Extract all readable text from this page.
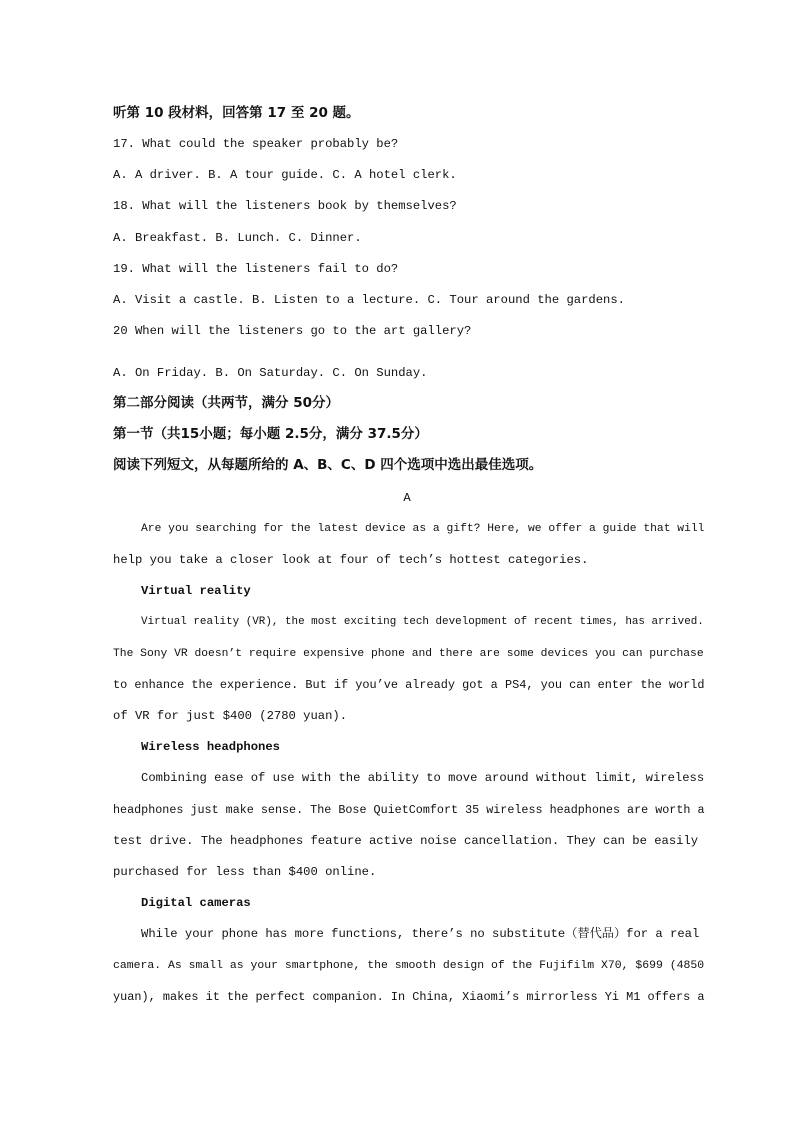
听第 10 段材料，回答第 17 至 20 题。
17. What could the speaker probably be?
A. A driver. B. A tour guide. C. A hotel clerk.
18. What will the listeners book by themselves?
A. Breakfast. B. Lunch. C. Dinner.
19. What will the listeners fail to do?
A. Visit a castle. B. Listen to a lecture. C. Tour around the gardens.
20 When will the listeners go to the art gallery?
A. On Friday. B. On Saturday. C. On Sunday.
第二部分阅读（共两节，满分 50分）
第一节（共15小题；每小题 2.5分，满分 37.5分）
阅读下列短文，从每题所给的 A、B、C、D 四个选项中选出最佳选项。
A
Are you searching for the latest device as a gift? Here, we offer a guide that will
help you take a closer look at four of tech’s hottest categories.
Virtual reality
Virtual reality (VR), the most exciting tech development of recent times, has arrived.
The Sony VR doesn’t require expensive phone and there are some devices you can purchase
to enhance the experience. But if you’ve already got a PS4, you can enter the world
of VR for just $400 (2780 yuan).
Wireless headphones
Combining ease of use with the ability to move around without limit, wireless
headphones just make sense. The Bose QuietComfort 35 wireless headphones are worth a
test drive. The headphones feature active noise cancellation. They can be easily
purchased for less than $400 online.
Digital cameras
While your phone has more functions, there’s no substitute（替代品）for a real
camera. As small as your smartphone, the smooth design of the Fujifilm X70, $699 (4850
yuan), makes it the perfect companion. In China, Xiaomi’s mirrorless Yi M1 offers a
